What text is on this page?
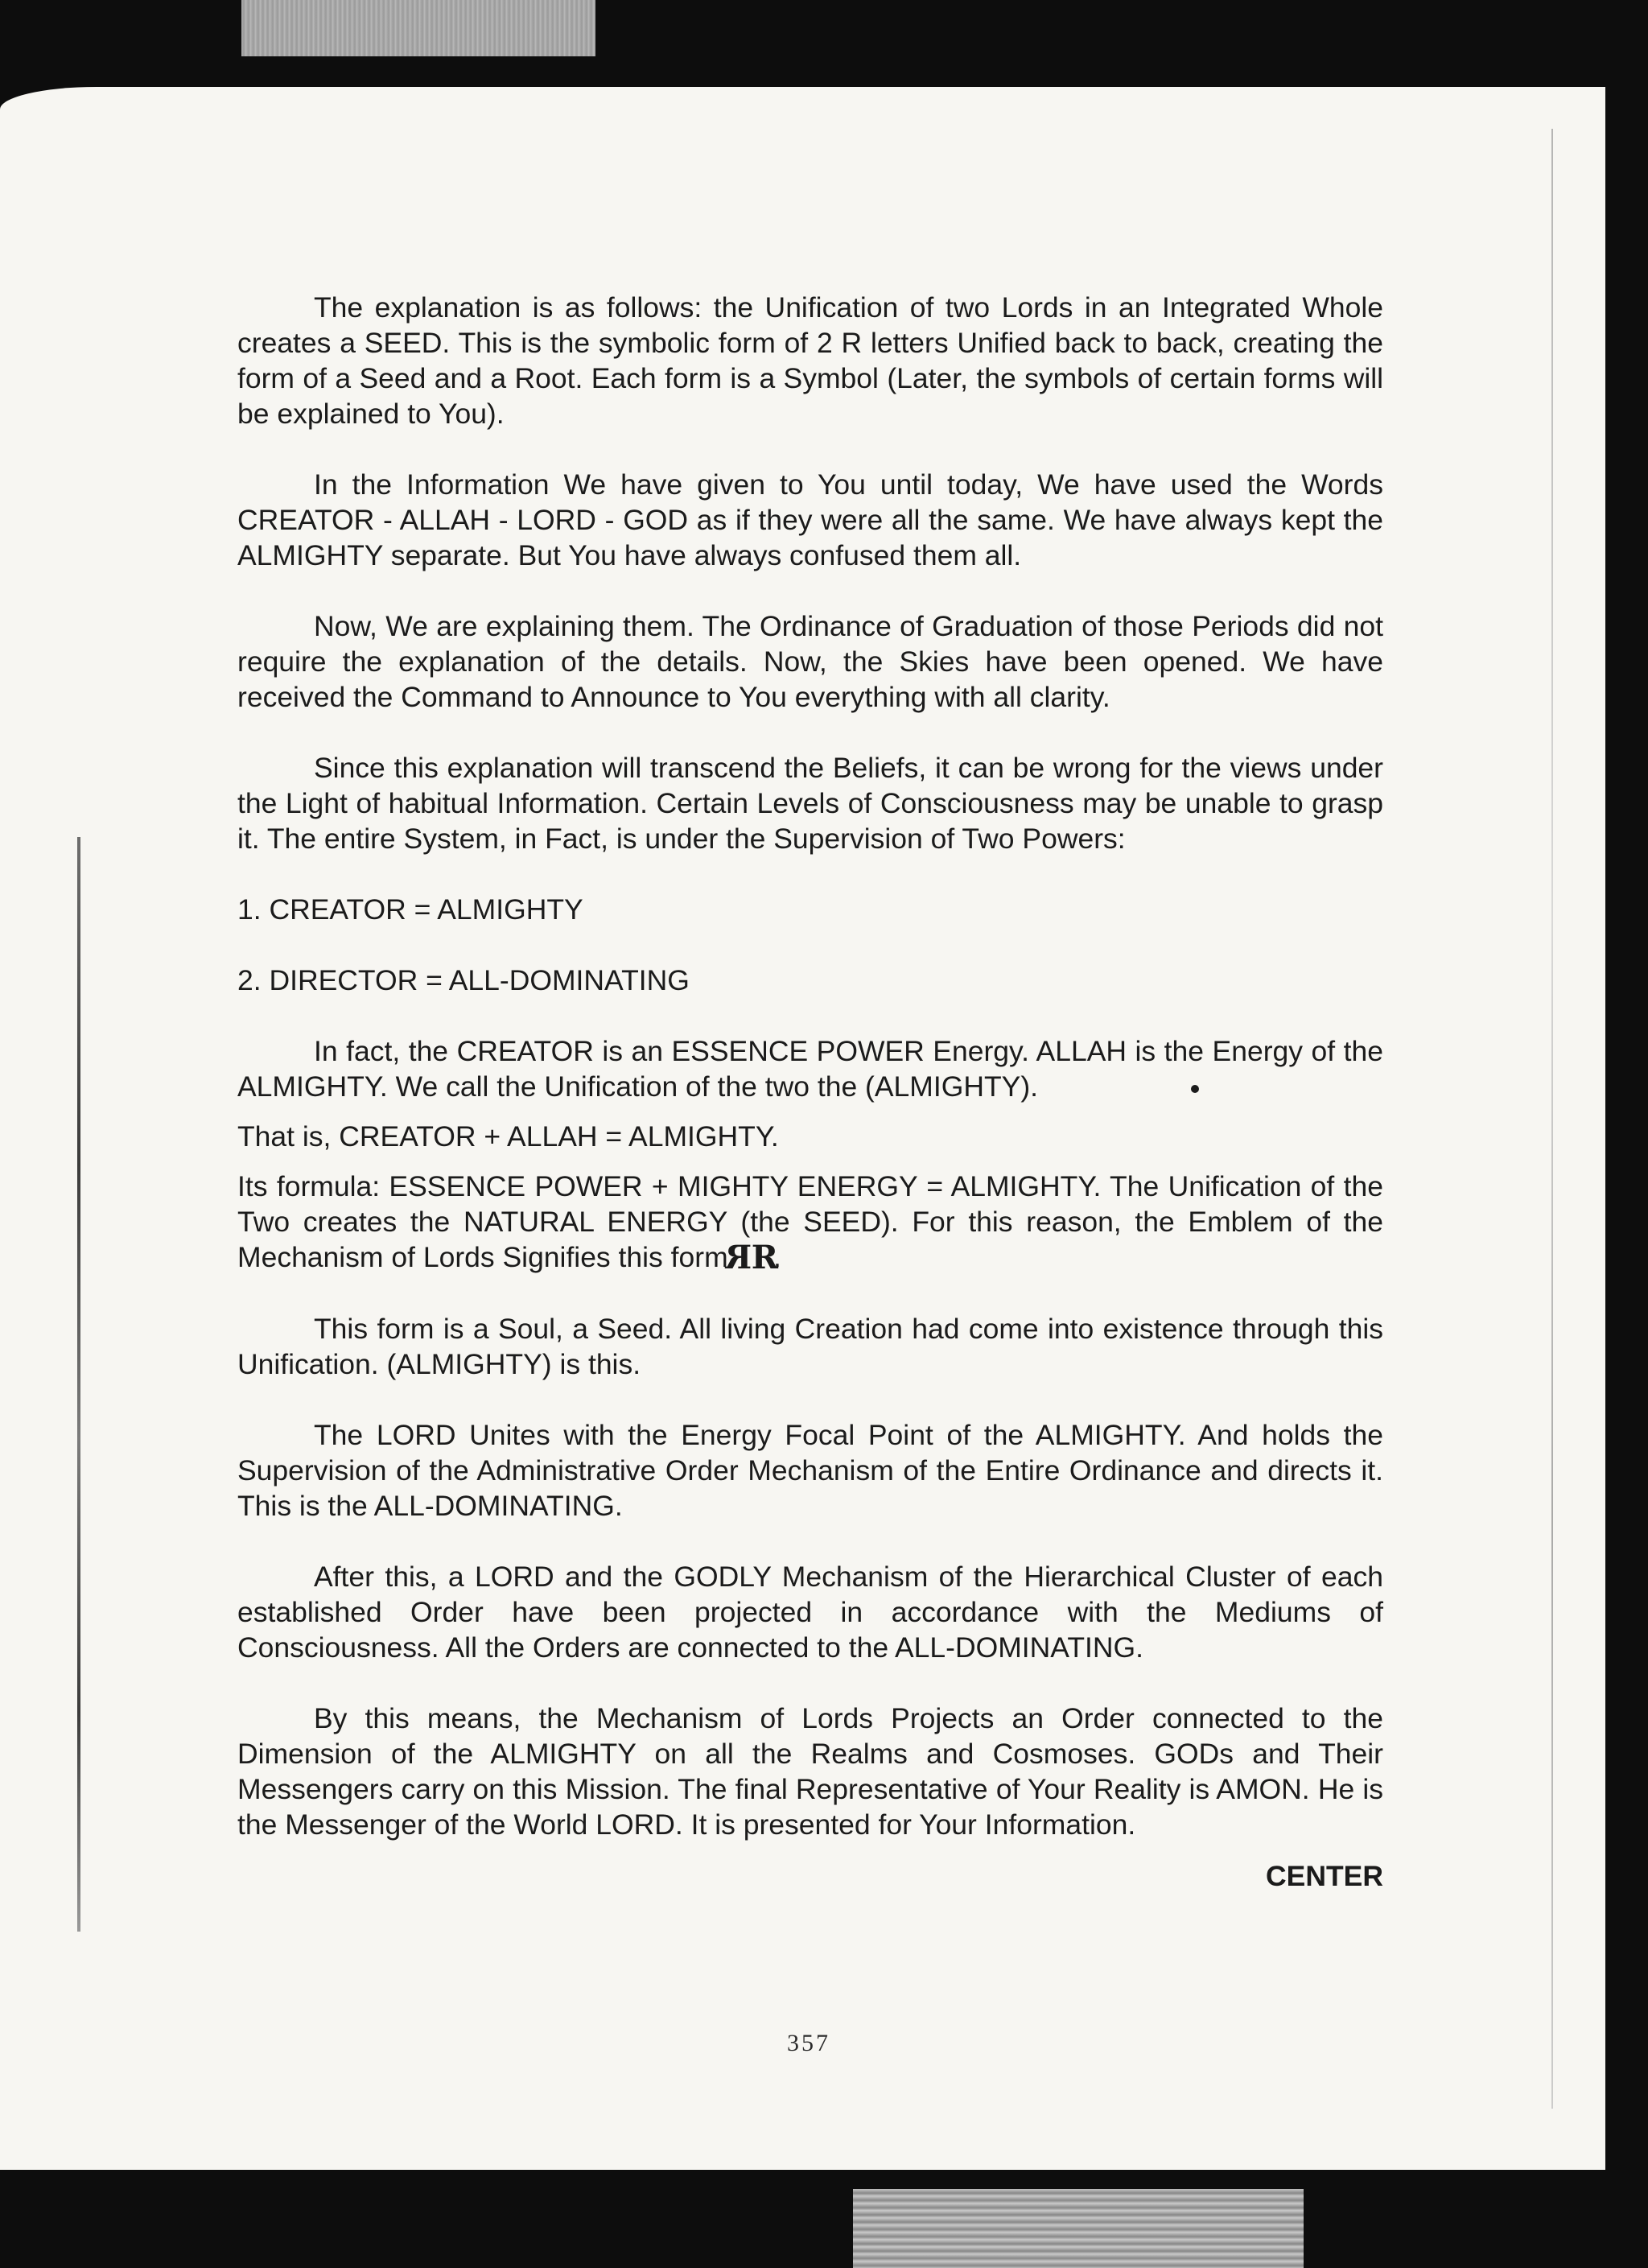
The explanation is as follows: the Unification of two Lords in an Integrated Whole creates a SEED. This is the symbolic form of 2 R letters Unified back to back, creating the form of a Seed and a Root. Each form is a Symbol (Later, the symbols of certain forms will be explained to You).

In the Information We have given to You until today, We have used the Words CREATOR - ALLAH - LORD - GOD as if they were all the same. We have always kept the ALMIGHTY separate. But You have always confused them all.

Now, We are explaining them. The Ordinance of Graduation of those Periods did not require the explanation of the details. Now, the Skies have been opened. We have received the Command to Announce to You everything with all clarity.

Since this explanation will transcend the Beliefs, it can be wrong for the views under the Light of habitual Information. Certain Levels of Consciousness may be unable to grasp it. The entire System, in Fact, is under the Supervision of Two Powers:

1. CREATOR = ALMIGHTY

2. DIRECTOR = ALL-DOMINATING

In fact, the CREATOR is an ESSENCE POWER Energy. ALLAH is the Energy of the ALMIGHTY. We call the Unification of the two the (ALMIGHTY).

That is, CREATOR + ALLAH = ALMIGHTY.

Its formula: ESSENCE POWER + MIGHTY ENERGY = ALMIGHTY. The Unification of the Two creates the NATURAL ENERGY (the SEED). For this reason, the Emblem of the Mechanism of Lords Signifies this form RR .

This form is a Soul, a Seed. All living Creation had come into existence through this Unification. (ALMIGHTY) is this.

The LORD Unites with the Energy Focal Point of the ALMIGHTY. And holds the Supervision of the Administrative Order Mechanism of the Entire Ordinance and directs it. This is the ALL-DOMINATING.

After this, a LORD and the GODLY Mechanism of the Hierarchical Cluster of each established Order have been projected in accordance with the Mediums of Consciousness. All the Orders are connected to the ALL-DOMINATING.

By this means, the Mechanism of Lords Projects an Order connected to the Dimension of the ALMIGHTY on all the Realms and Cosmoses. GODs and Their Messengers carry on this Mission. The final Representative of Your Reality is AMON. He is the Messenger of the World LORD. It is presented for Your Information.

CENTER

357
